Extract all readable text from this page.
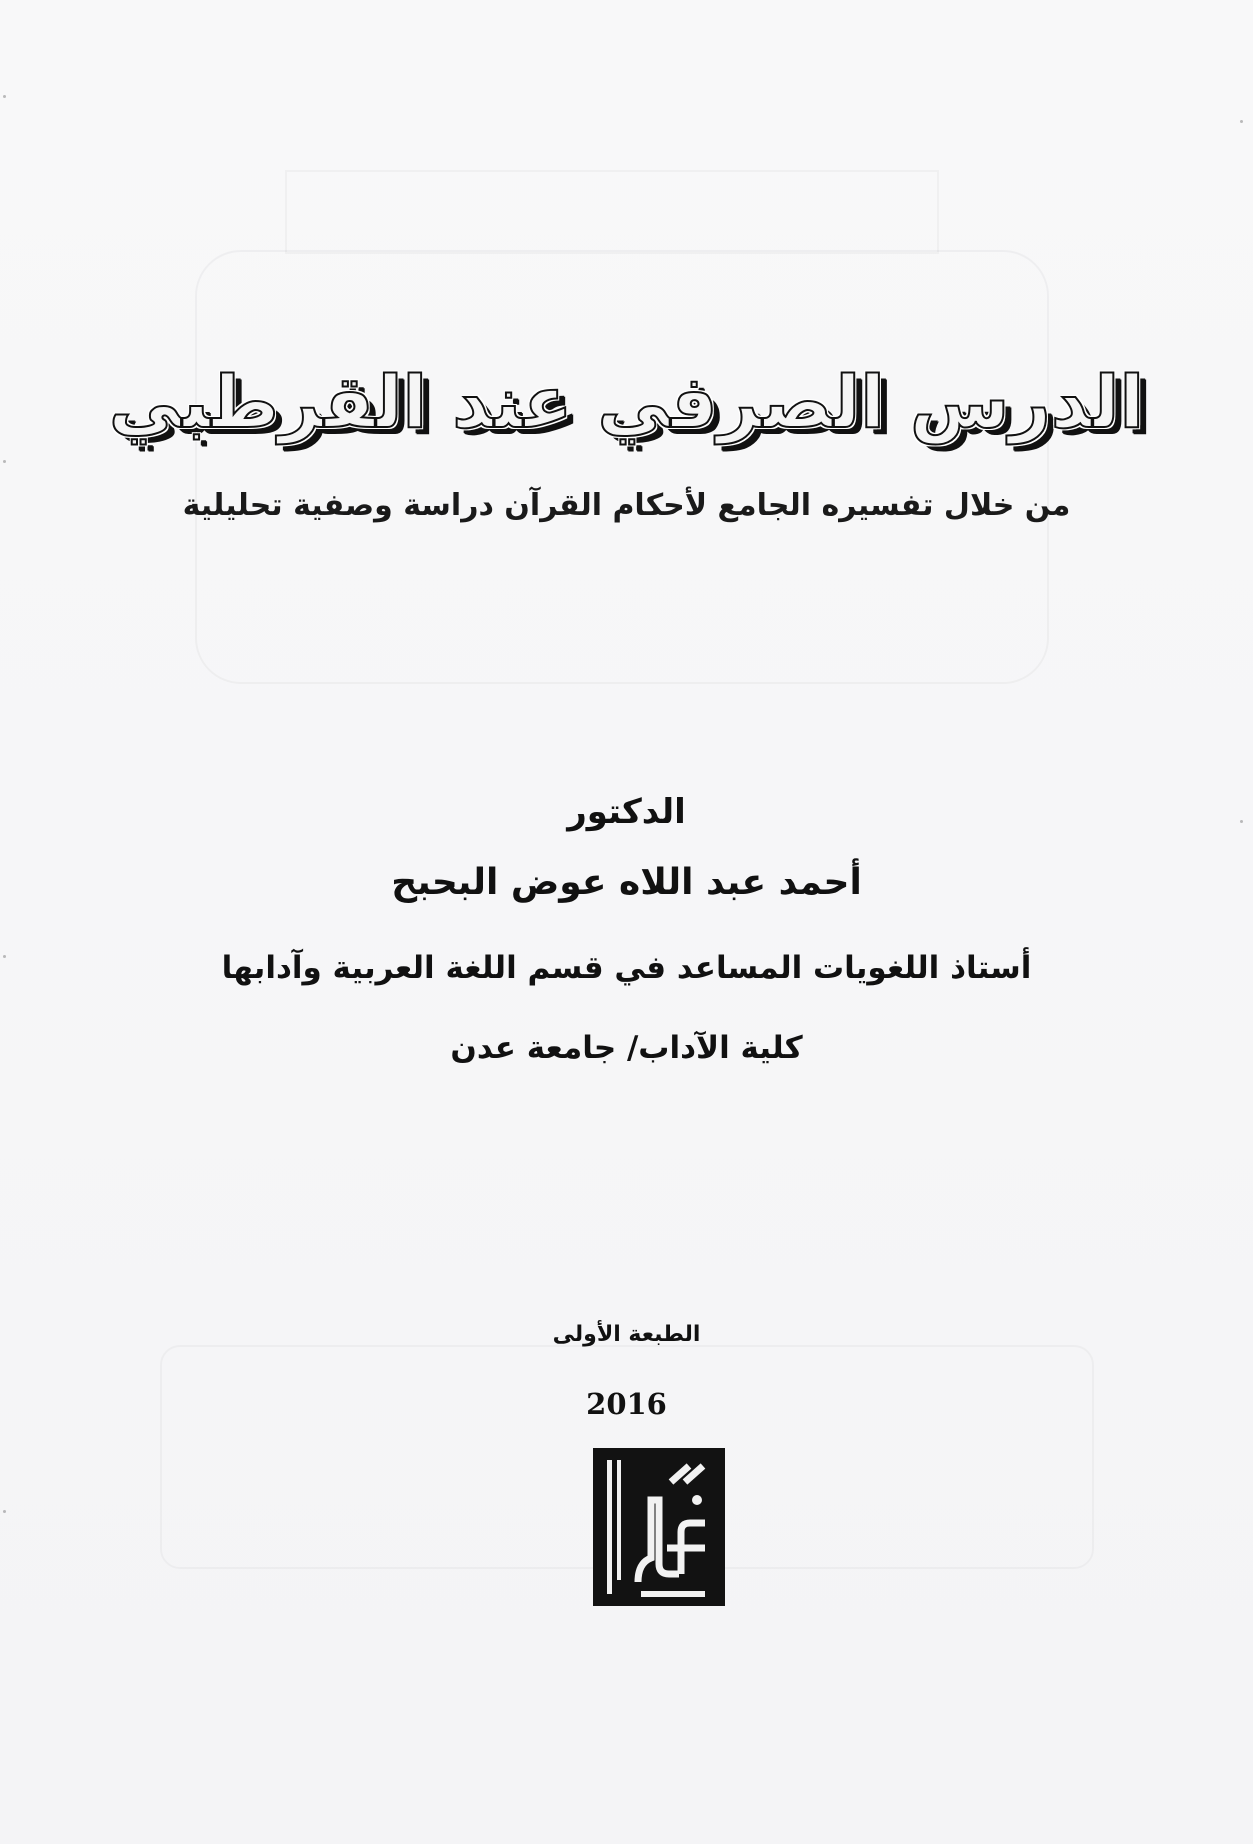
الدرس الصرفي عند القرطبي
من خلال تفسيره الجامع لأحكام القرآن دراسة وصفية تحليلية
الدكتور
أحمد عبد اللاه عوض البحبح
أستاذ اللغويات المساعد في قسم اللغة العربية وآدابها
كلية الآداب/ جامعة عدن
الطبعة الأولى
2016
